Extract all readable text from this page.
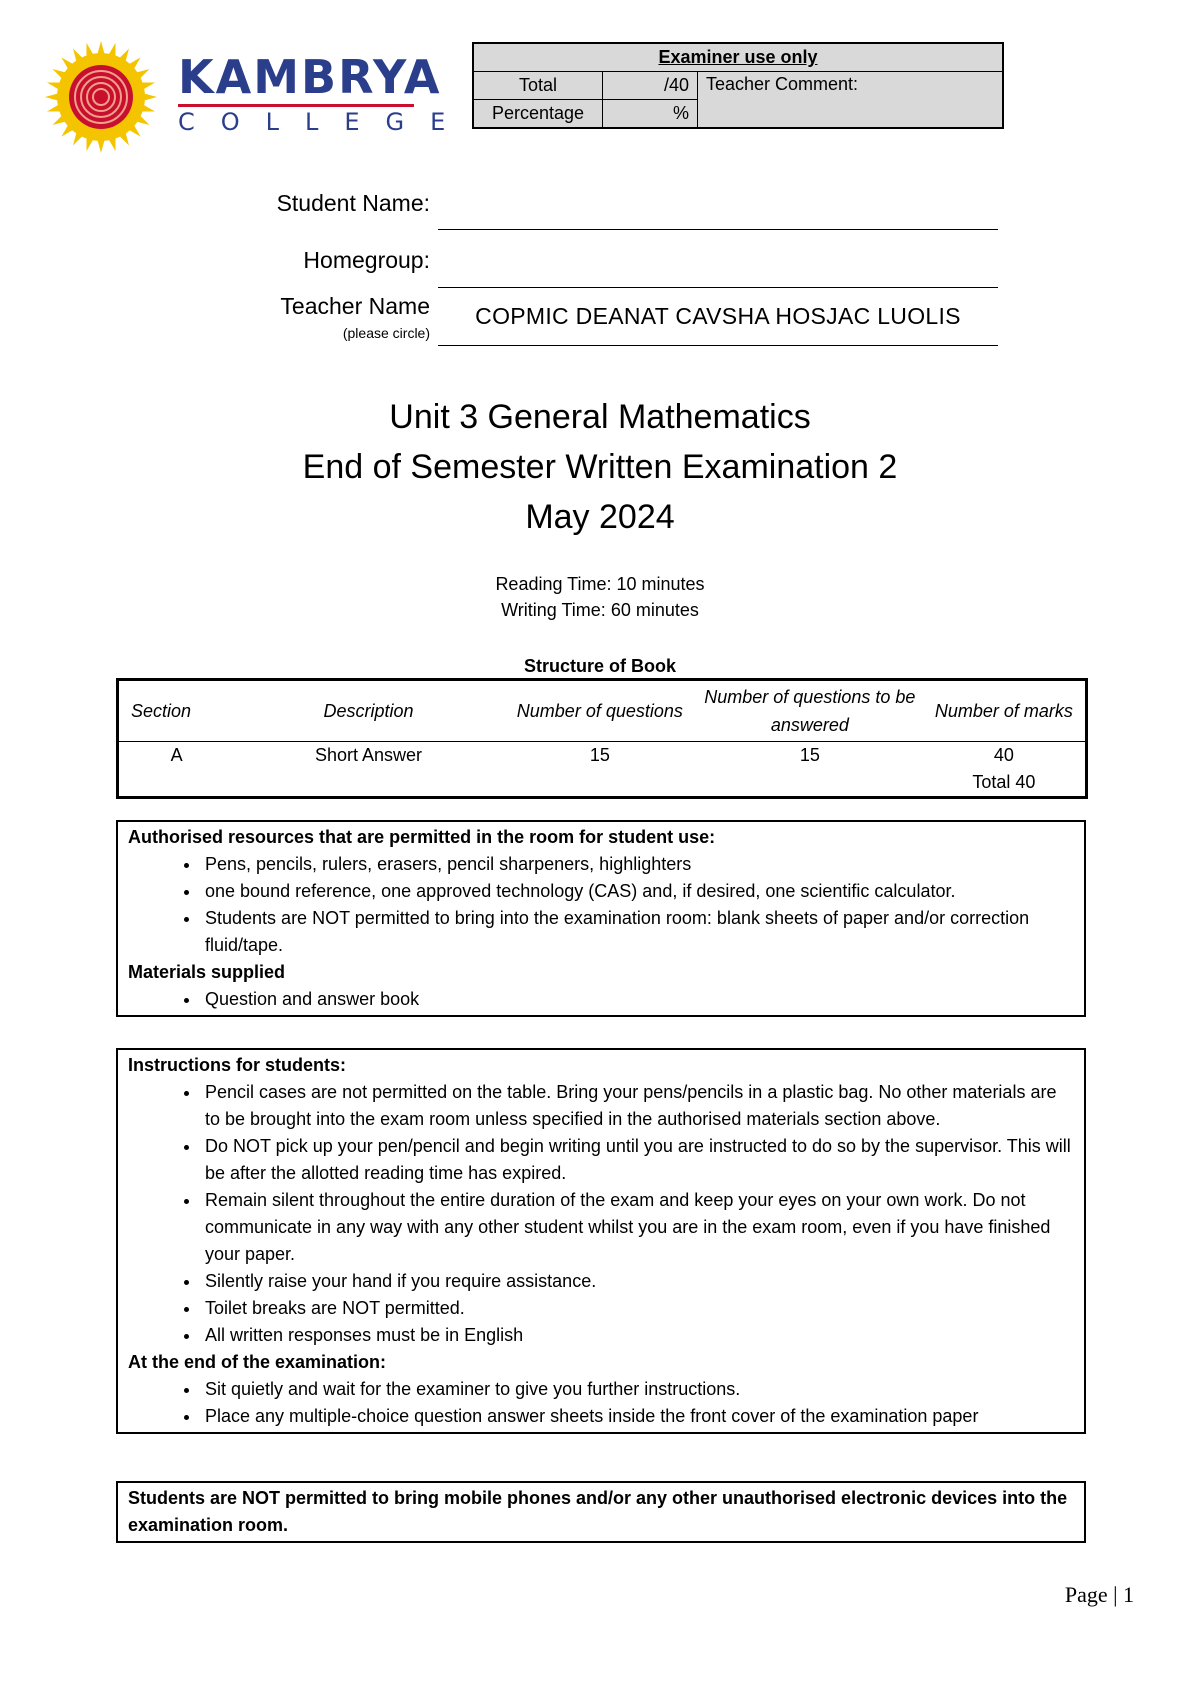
KAMBRYA
COLLEGE
Examiner use only		
Total	/40	Teacher Comment:
Percentage	%	
Student Name:
Homegroup:
Teacher Name
(please circle)
COPMIC DEANAT CAVSHA HOSJAC LUOLIS
Unit 3 General Mathematics
End of Semester Written Examination 2
May 2024
Reading Time: 10 minutes
Writing Time: 60 minutes
Structure of Book
Section	Description	Number of questions	Number of questions to be answered	Number of marks
A	Short Answer	15	15	40
				Total 40
Authorised resources that are permitted in the room for student use:
• Pens, pencils, rulers, erasers, pencil sharpeners, highlighters
• one bound reference, one approved technology (CAS) and, if desired, one scientific calculator.
• Students are NOT permitted to bring into the examination room: blank sheets of paper and/or correction fluid/tape.
Materials supplied
• Question and answer book
Instructions for students:
• Pencil cases are not permitted on the table. Bring your pens/pencils in a plastic bag. No other materials are to be brought into the exam room unless specified in the authorised materials section above.
• Do NOT pick up your pen/pencil and begin writing until you are instructed to do so by the supervisor. This will be after the allotted reading time has expired.
• Remain silent throughout the entire duration of the exam and keep your eyes on your own work. Do not communicate in any way with any other student whilst you are in the exam room, even if you have finished your paper.
• Silently raise your hand if you require assistance.
• Toilet breaks are NOT permitted.
• All written responses must be in English
At the end of the examination:
• Sit quietly and wait for the examiner to give you further instructions.
• Place any multiple-choice question answer sheets inside the front cover of the examination paper
Students are NOT permitted to bring mobile phones and/or any other unauthorised electronic devices into the examination room.
Page | 1
